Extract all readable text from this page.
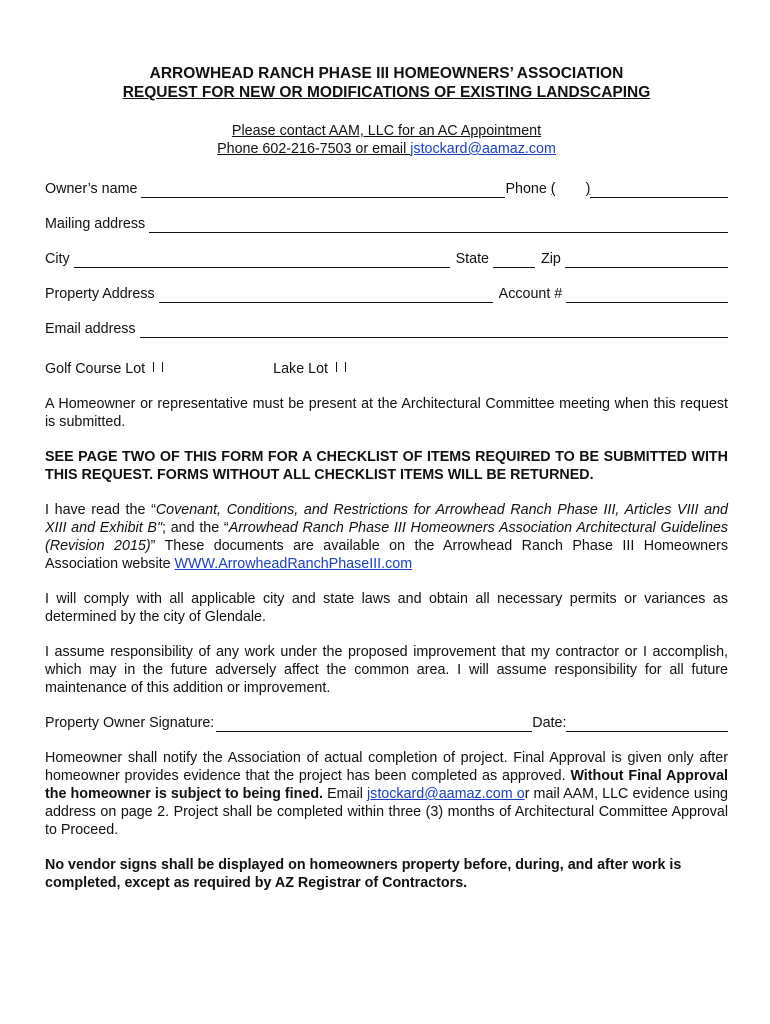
ARROWHEAD RANCH PHASE III HOMEOWNERS’ ASSOCIATION
REQUEST FOR NEW OR MODIFICATIONS OF EXISTING LANDSCAPING
Please contact AAM, LLC for an AC Appointment
Phone 602-216-7503 or email jstockard@aamaz.com
Owner’s name	Phone ( )
Mailing address
City	State	Zip
Property Address	Account #
Email address
Golf Course Lot	Lake Lot

A Homeowner or representative must be present at the Architectural Committee meeting when this request is submitted.

SEE PAGE TWO OF THIS FORM FOR A CHECKLIST OF ITEMS REQUIRED TO BE SUBMITTED WITH THIS REQUEST. FORMS WITHOUT ALL CHECKLIST ITEMS WILL BE RETURNED.

I have read the “Covenant, Conditions, and Restrictions for Arrowhead Ranch Phase III, Articles VIII and XIII and Exhibit B"; and the “Arrowhead Ranch Phase III Homeowners Association Architectural Guidelines (Revision 2015)” These documents are available on the Arrowhead Ranch Phase III Homeowners Association website WWW.ArrowheadRanchPhaseIII.com

I will comply with all applicable city and state laws and obtain all necessary permits or variances as determined by the city of Glendale.

I assume responsibility of any work under the proposed improvement that my contractor or I accomplish, which may in the future adversely affect the common area. I will assume responsibility for all future maintenance of this addition or improvement.

Property Owner Signature:	Date:

Homeowner shall notify the Association of actual completion of project. Final Approval is given only after homeowner provides evidence that the project has been completed as approved. Without Final Approval the homeowner is subject to being fined. Email jstockard@aamaz.com or mail AAM, LLC evidence using address on page 2. Project shall be completed within three (3) months of Architectural Committee Approval to Proceed.

No vendor signs shall be displayed on homeowners property before, during, and after work is completed, except as required by AZ Registrar of Contractors.
